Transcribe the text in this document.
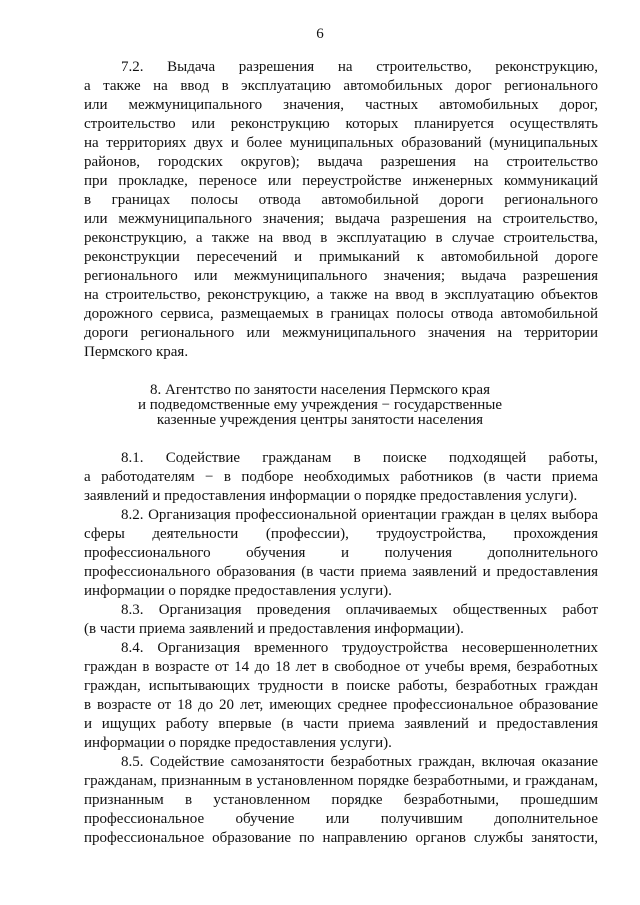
6
7.2. Выдача разрешения на строительство, реконструкцию,
а также на ввод в эксплуатацию автомобильных дорог регионального
или межмуниципального значения, частных автомобильных дорог,
строительство или реконструкцию которых планируется осуществлять
на территориях двух и более муниципальных образований (муниципальных
районов, городских округов); выдача разрешения на строительство
при прокладке, переносе или переустройстве инженерных коммуникаций
в границах полосы отвода автомобильной дороги регионального
или межмуниципального значения; выдача разрешения на строительство,
реконструкцию, а также на ввод в эксплуатацию в случае строительства,
реконструкции пересечений и примыканий к автомобильной дороге
регионального или межмуниципального значения; выдача разрешения
на строительство, реконструкцию, а также на ввод в эксплуатацию объектов
дорожного сервиса, размещаемых в границах полосы отвода автомобильной
дороги регионального или межмуниципального значения на территории
Пермского края.
8. Агентство по занятости населения Пермского края
и подведомственные ему учреждения − государственные
казенные учреждения центры занятости населения
8.1. Содействие гражданам в поиске подходящей работы,
а работодателям − в подборе необходимых работников (в части приема
заявлений и предоставления информации о порядке предоставления услуги).
8.2. Организация профессиональной ориентации граждан в целях выбора
сферы деятельности (профессии), трудоустройства, прохождения
профессионального обучения и получения дополнительного
профессионального образования (в части приема заявлений и предоставления
информации о порядке предоставления услуги).
8.3. Организация проведения оплачиваемых общественных работ
(в части приема заявлений и предоставления информации).
8.4. Организация временного трудоустройства несовершеннолетних
граждан в возрасте от 14 до 18 лет в свободное от учебы время, безработных
граждан, испытывающих трудности в поиске работы, безработных граждан
в возрасте от 18 до 20 лет, имеющих среднее профессиональное образование
и ищущих работу впервые (в части приема заявлений и предоставления
информации о порядке предоставления услуги).
8.5. Содействие самозанятости безработных граждан, включая оказание
гражданам, признанным в установленном порядке безработными, и гражданам,
признанным в установленном порядке безработными, прошедшим
профессиональное обучение или получившим дополнительное
профессиональное образование по направлению органов службы занятости,
